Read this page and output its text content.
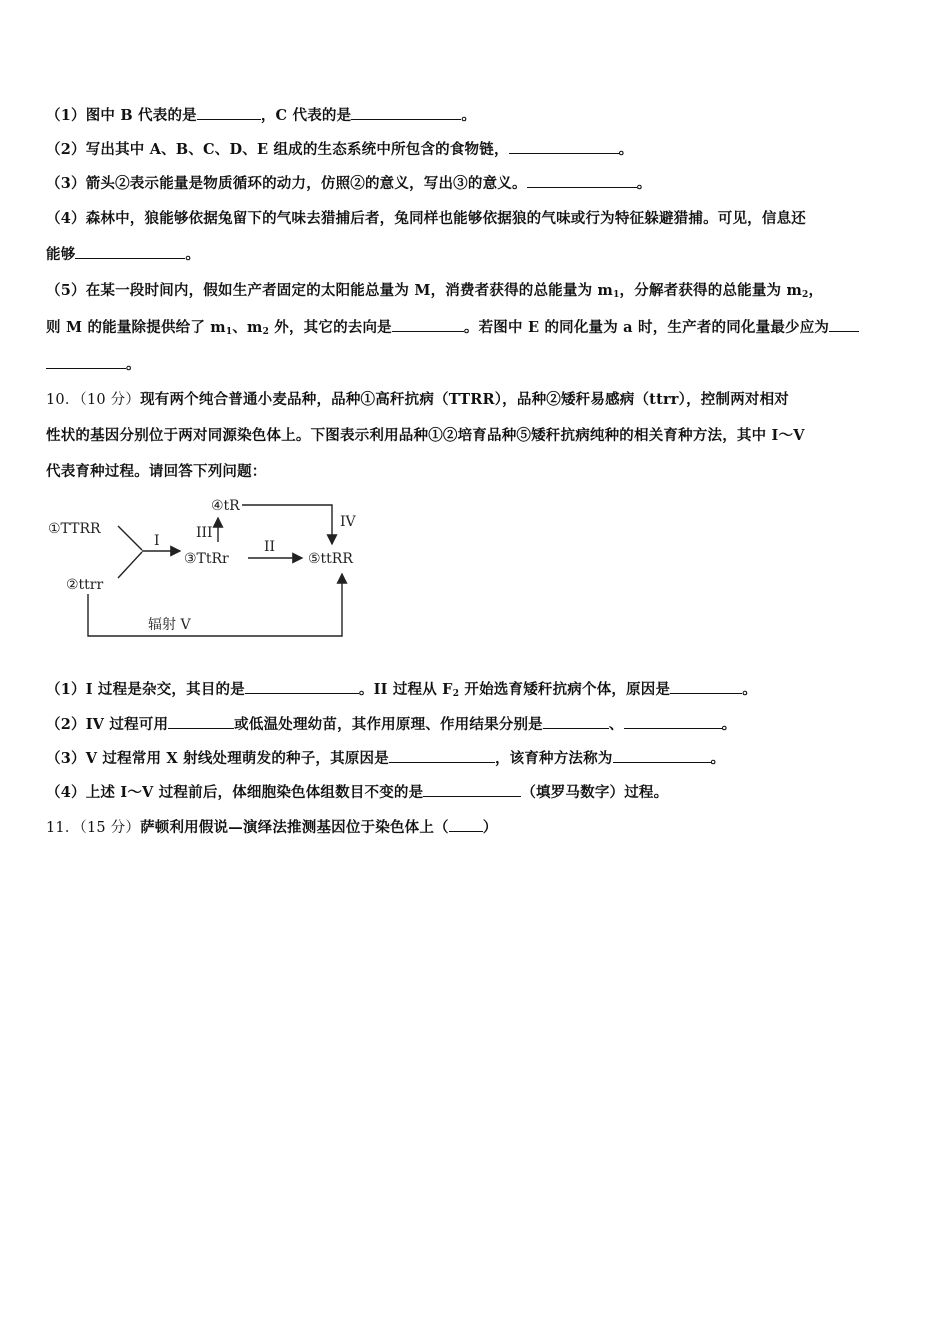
（1）图中 B 代表的是	，C 代表的是	。
（2）写出其中 A、B、C、D、E 组成的生态系统中所包含的食物链，	。
（3）箭头②表示能量是物质循环的动力，仿照②的意义，写出③的意义。	。
（4）森林中，狼能够依据兔留下的气味去猎捕后者，兔同样也能够依据狼的气味或行为特征躲避猎捕。可见，信息还
能够	。
（5）在某一段时间内，假如生产者固定的太阳能总量为 M，消费者获得的总能量为 $m_1$，分解者获得的总能量为 $m_2$，
则 M 的能量除提供给了 $m_1$、$m_2$ 外，其它的去向是	。若图中 E 的同化量为 a 时，生产者的同化量最少应为
。
10．（10 分）现有两个纯合普通小麦品种，品种①高秆抗病（TTRR），品种②矮秆易感病（ttrr），控制两对相对
性状的基因分别位于两对同源染色体上。下图表示利用品种①②培育品种⑤矮秆抗病纯种的相关育种方法，其中 I～V
代表育种过程。请回答下列问题：
①TTRR
②ttrr
③TtRr
④tR
⑤ttRR
I	III
II
IV
辐射 V
（1）I 过程是杂交，其目的是	。II 过程从 $F_2$ 开始选育矮秆抗病个体，原因是	。
（2）IV 过程可用	或低温处理幼苗，其作用原理、作用结果分别是	、	。
（3）V 过程常用 X 射线处理萌发的种子，其原因是	，该育种方法称为	。
（4）上述 I～V 过程前后，体细胞染色体组数目不变的是	（填罗马数字）过程。
11．（15 分）萨顿利用假说—演绎法推测基因位于染色体上（ ）
